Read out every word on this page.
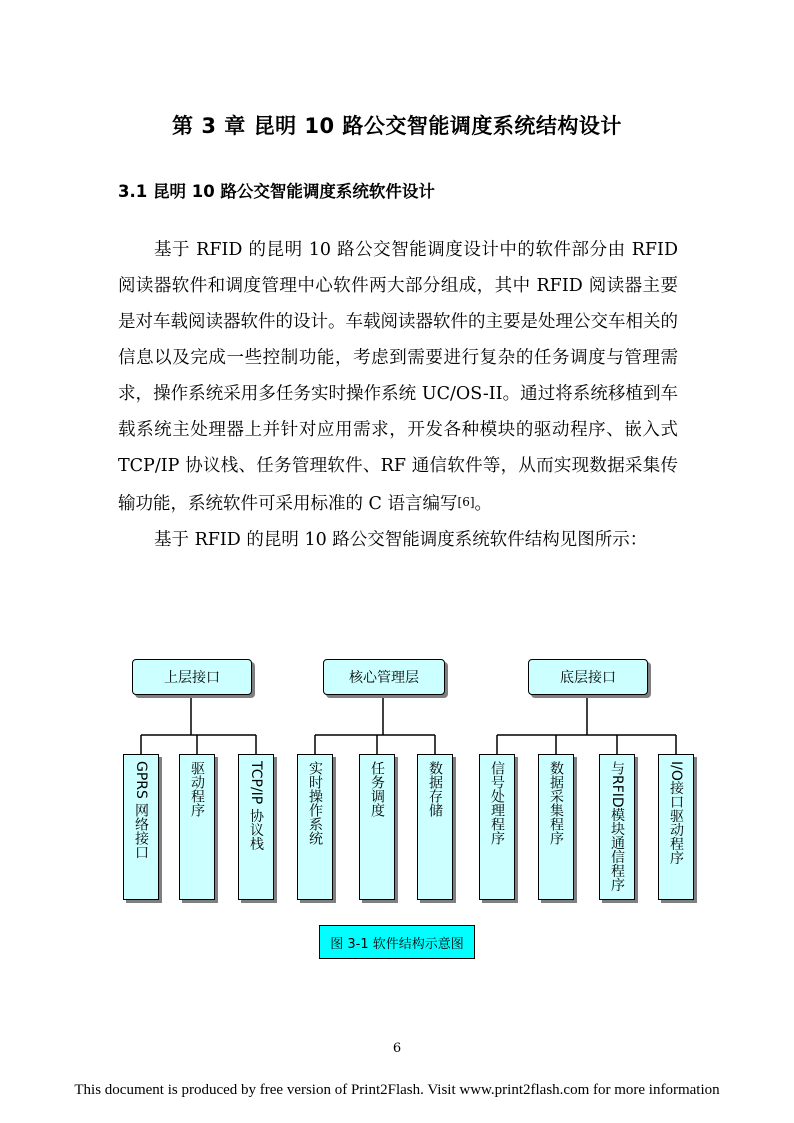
第 3 章 昆明 10 路公交智能调度系统结构设计
3.1 昆明 10 路公交智能调度系统软件设计

基于 RFID 的昆明 10 路公交智能调度设计中的软件部分由 RFID 阅读器软件和调度管理中心软件两大部分组成，其中 RFID 阅读器主要是对车载阅读器软件的设计。车载阅读器软件的主要是处理公交车相关的信息以及完成一些控制功能，考虑到需要进行复杂的任务调度与管理需求，操作系统采用多任务实时操作系统 UC/OS-II。通过将系统移植到车载系统主处理器上并针对应用需求，开发各种模块的驱动程序、嵌入式 TCP/IP 协议栈、任务管理软件、RF 通信软件等，从而实现数据采集传输功能，系统软件可采用标准的 C 语言编写[6]。

基于 RFID 的昆明 10 路公交智能调度系统软件结构见图所示：

上层接口	核心管理层	底层接口
GPRS 网络接口	驱动程序	TCP/IP 协议栈	实时操作系统	任务调度	数据存储	信号处理程序	数据采集程序	与RFID模块通信程序	I/O接口驱动程序
图 3-1 软件结构示意图
6
This document is produced by free version of Print2Flash. Visit www.print2flash.com for more information
